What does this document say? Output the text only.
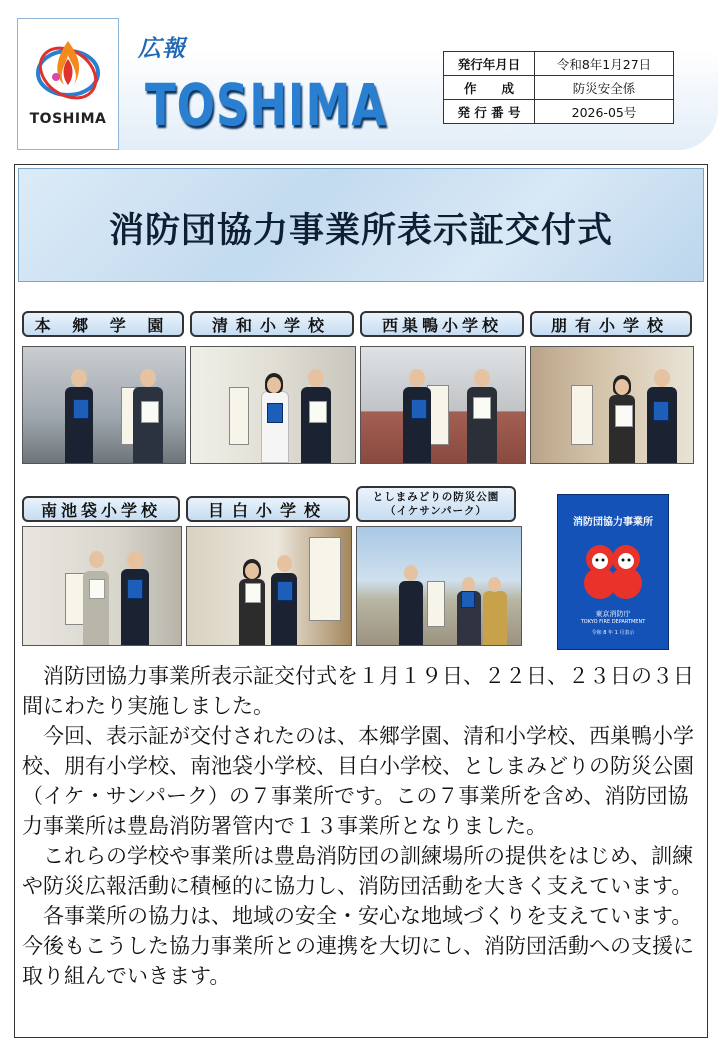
TOSHIMA
広報
TOSHIMA
発行年月日	令和8年1月27日
作　　成	防災安全係
発 行 番 号	2026-05号
消防団協力事業所表示証交付式
本 郷 学 園	清和小学校	西巣鴨小学校	朋有小学校
南池袋小学校	目白小学校
としまみどりの防災公園
（イケサンパーク）
消防団協力事業所
東京消防庁
TOKYO FIRE DEPARTMENT
令和 8 年 1 月表示

消防団協力事業所表示証交付式を１月１９日、２２日、２３日の３日間にわたり実施しました。

今回、表示証が交付されたのは、本郷学園、清和小学校、西巣鴨小学校、朋有小学校、南池袋小学校、目白小学校、としまみどりの防災公園（イケ・サンパーク）の７事業所です。この７事業所を含め、消防団協力事業所は豊島消防署管内で１３事業所となりました。

これらの学校や事業所は豊島消防団の訓練場所の提供をはじめ、訓練や防災広報活動に積極的に協力し、消防団活動を大きく支えています。

各事業所の協力は、地域の安全・安心な地域づくりを支えています。今後もこうした協力事業所との連携を大切にし、消防団活動への支援に取り組んでいきます。
